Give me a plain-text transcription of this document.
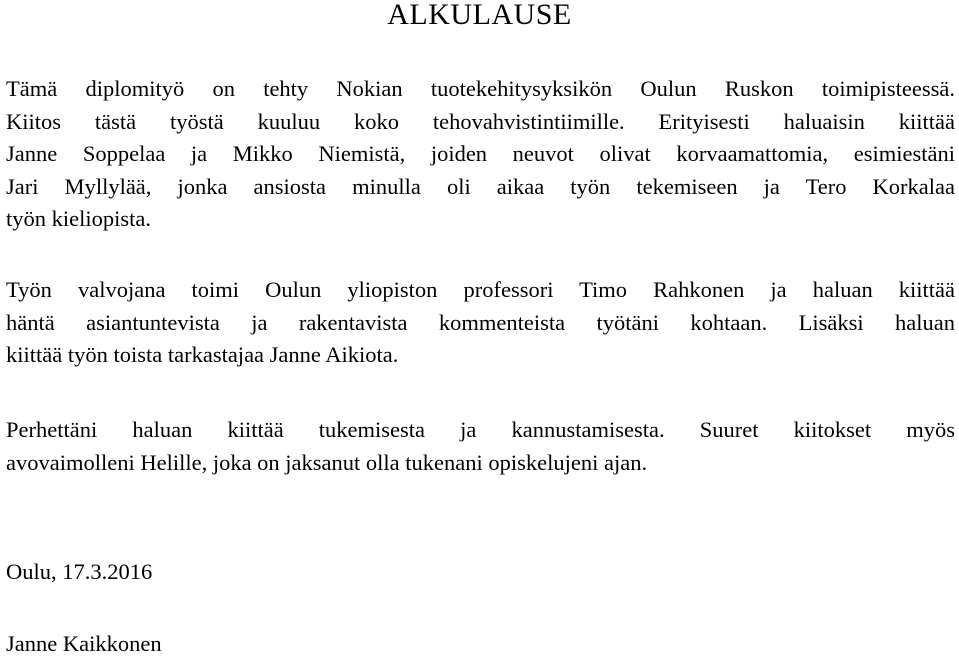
ALKULAUSE

Tämä diplomityö on tehty Nokian tuotekehitysyksikön Oulun Ruskon toimipisteessä.
Kiitos tästä työstä kuuluu koko tehovahvistintiimille. Erityisesti haluaisin kiittää
Janne Soppelaa ja Mikko Niemistä, joiden neuvot olivat korvaamattomia, esimiestäni
Jari Myllylää, jonka ansiosta minulla oli aikaa työn tekemiseen ja Tero Korkalaa
työn kieliopista.

Työn valvojana toimi Oulun yliopiston professori Timo Rahkonen ja haluan kiittää
häntä asiantuntevista ja rakentavista kommenteista työtäni kohtaan. Lisäksi haluan
kiittää työn toista tarkastajaa Janne Aikiota.

Perhettäni haluan kiittää tukemisesta ja kannustamisesta. Suuret kiitokset myös
avovaimolleni Helille, joka on jaksanut olla tukenani opiskelujeni ajan.

Oulu, 17.3.2016

Janne Kaikkonen
